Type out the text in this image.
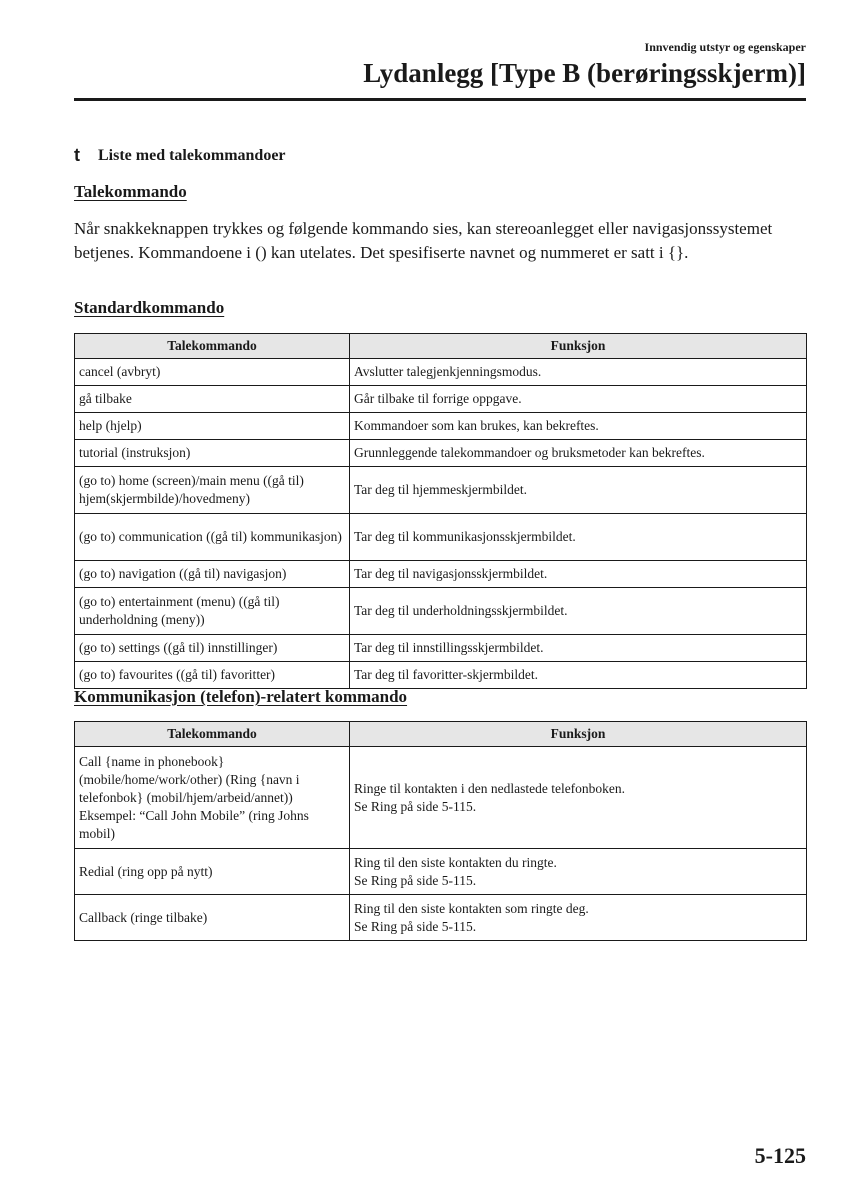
Innvendig utstyr og egenskaper
Lydanlegg [Type B (berøringsskjerm)]
t	Liste med talekommandoer
Talekommando

Når snakkeknappen trykkes og følgende kommando sies, kan stereoanlegget eller navigasjonssystemet betjenes. Kommandoene i () kan utelates. Det spesifiserte navnet og nummeret er satt i {}.

Standardkommando
Talekommando	Funksjon
cancel (avbryt)	Avslutter talegjenkjenningsmodus.
gå tilbake	Går tilbake til forrige oppgave.
help (hjelp)	Kommandoer som kan brukes, kan bekreftes.
tutorial (instruksjon)	Grunnleggende talekommandoer og bruksmetoder kan bekreftes.
(go to) home (screen)/main menu ((gå til) hjem(skjermbilde)/hovedmeny)	Tar deg til hjemmeskjermbildet.
(go to) communication ((gå til) kommunikasjon)	Tar deg til kommunikasjonsskjermbildet.
(go to) navigation ((gå til) navigasjon)	Tar deg til navigasjonsskjermbildet.
(go to) entertainment (menu) ((gå til) underholdning (meny))	Tar deg til underholdningsskjermbildet.
(go to) settings ((gå til) innstillinger)	Tar deg til innstillingsskjermbildet.
(go to) favourites ((gå til) favoritter)	Tar deg til favoritter-skjermbildet.
Kommunikasjon (telefon)-relatert kommando
Talekommando	Funksjon
Call {name in phonebook} (mobile/home/work/other) (Ring {navn i telefonbok} (mobil/hjem/arbeid/annet)) Eksempel: “Call John Mobile” (ring Johns mobil)	Ringe til kontakten i den nedlastede telefonboken.
Se Ring på side 5-115.

Redial (ring opp på nytt)	Ring til den siste kontakten du ringte.
Se Ring på side 5-115.

Callback (ringe tilbake)	Ring til den siste kontakten som ringte deg.
Se Ring på side 5-115.
5-125
